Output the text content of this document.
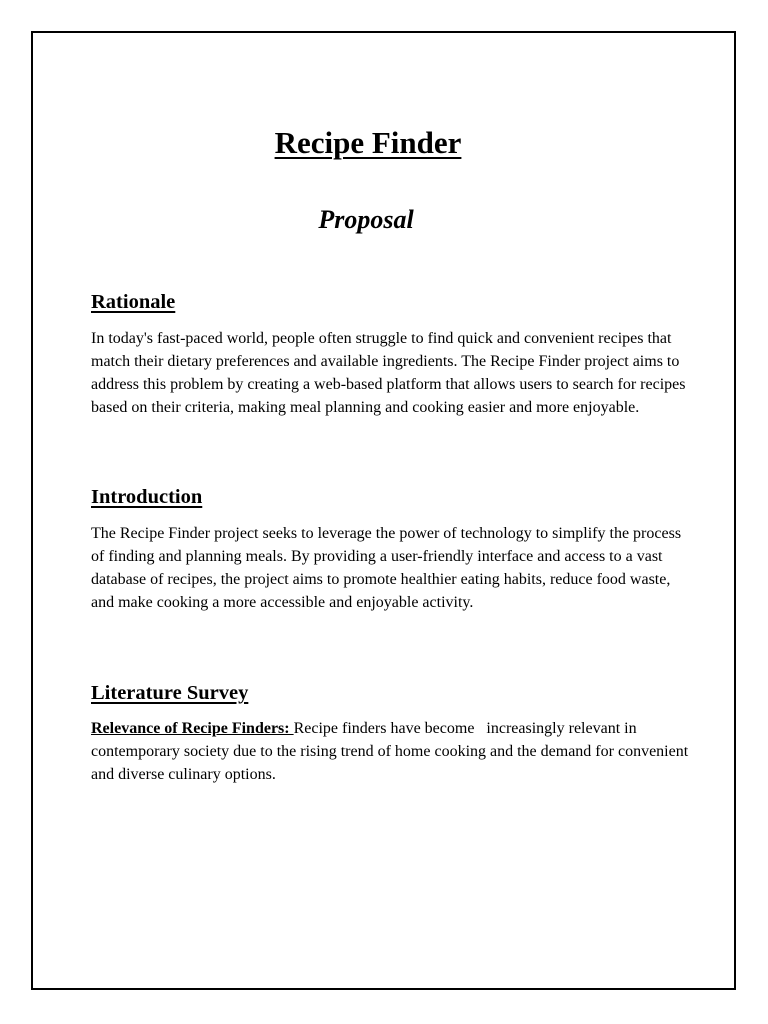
Recipe Finder
Proposal
Rationale

In today's fast-paced world, people often struggle to find quick and convenient recipes that match their dietary preferences and available ingredients. The Recipe Finder project aims to address this problem by creating a web-based platform that allows users to search for recipes based on their criteria, making meal planning and cooking easier and more enjoyable.

Introduction

The Recipe Finder project seeks to leverage the power of technology to simplify the process of finding and planning meals. By providing a user-friendly interface and access to a vast database of recipes, the project aims to promote healthier eating habits, reduce food waste, and make cooking a more accessible and enjoyable activity.

Literature Survey

Relevance of Recipe Finders: Recipe finders have become   increasingly relevant in contemporary society due to the rising trend of home cooking and the demand for convenient and diverse culinary options.
